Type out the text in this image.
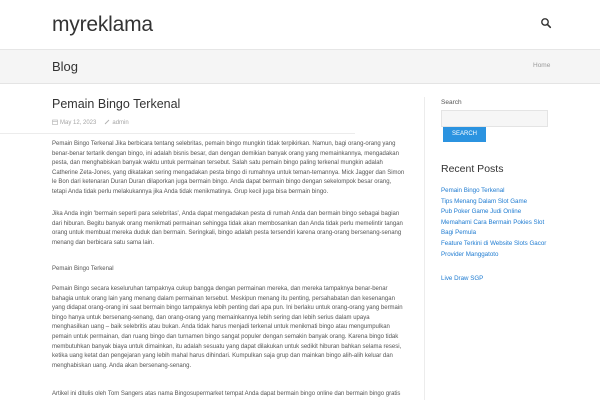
myreklama
Blog	Home
Pemain Bingo Terkenal
May 12, 2023	admin

Pemain Bingo Terkenal Jika berbicara tentang selebritas, pemain bingo mungkin tidak terpikirkan. Namun, bagi orang-orang yang benar-benar tertarik dengan bingo, ini adalah bisnis besar, dan dengan demikian banyak orang yang memainkannya, mengadakan pesta, dan menghabiskan banyak waktu untuk permainan tersebut. Salah satu pemain bingo paling terkenal mungkin adalah Catherine Zeta-Jones, yang dikatakan sering mengadakan pesta bingo di rumahnya untuk teman-temannya. Mick Jagger dan Simon le Bon dari ketenaran Duran Duran dilaporkan juga bermain bingo. Anda dapat bermain bingo dengan sekelompok besar orang, tetapi Anda tidak perlu melakukannya jika Anda tidak menikmatinya. Grup kecil juga bisa bermain bingo.

Jika Anda ingin 'bermain seperti para selebritas', Anda dapat mengadakan pesta di rumah Anda dan bermain bingo sebagai bagian dari hiburan. Begitu banyak orang menikmati permainan sehingga tidak akan membosankan dan Anda tidak perlu memelintir tangan orang untuk membuat mereka duduk dan bermain. Seringkali, bingo adalah pesta tersendiri karena orang-orang bersenang-senang menang dan berbicara satu sama lain.

Pemain Bingo Terkenal

Pemain Bingo secara keseluruhan tampaknya cukup bangga dengan permainan mereka, dan mereka tampaknya benar-benar bahagia untuk orang lain yang menang dalam permainan tersebut. Meskipun menang itu penting, persahabatan dan kesenangan yang didapat orang-orang ini saat bermain bingo tampaknya lebih penting dari apa pun. Ini berlaku untuk orang-orang yang bermain bingo hanya untuk bersenang-senang, dan orang-orang yang memainkannya lebih sering dan lebih serius dalam upaya menghasilkan uang – baik selebritis atau bukan. Anda tidak harus menjadi terkenal untuk menikmati bingo atau mengumpulkan pemain untuk permainan, dan ruang bingo dan turnamen bingo sangat populer dengan semakin banyak orang. Karena bingo tidak membutuhkan banyak biaya untuk dimainkan, itu adalah sesuatu yang dapat dilakukan untuk sedikit hiburan bahkan selama resesi, ketika uang ketat dan pengejaran yang lebih mahal harus dihindari. Kumpulkan saja grup dan mainkan bingo alih-alih keluar dan menghabiskan uang. Anda akan bersenang-senang.

Artikel ini ditulis oleh Tom Sangers atas nama Bingosupermarket tempat Anda dapat bermain bingo online dan bermain bingo gratis

Search
SEARCH
Recent Posts
Pemain Bingo Terkenal
Tips Menang Dalam Slot Game
Pub Poker Game Judi Online
Memahami Cara Bermain Pokies Slot
Bagi Pemula
Feature Terkini di Website Slots Gacor
Provider Manggatoto
Live Draw SGP
